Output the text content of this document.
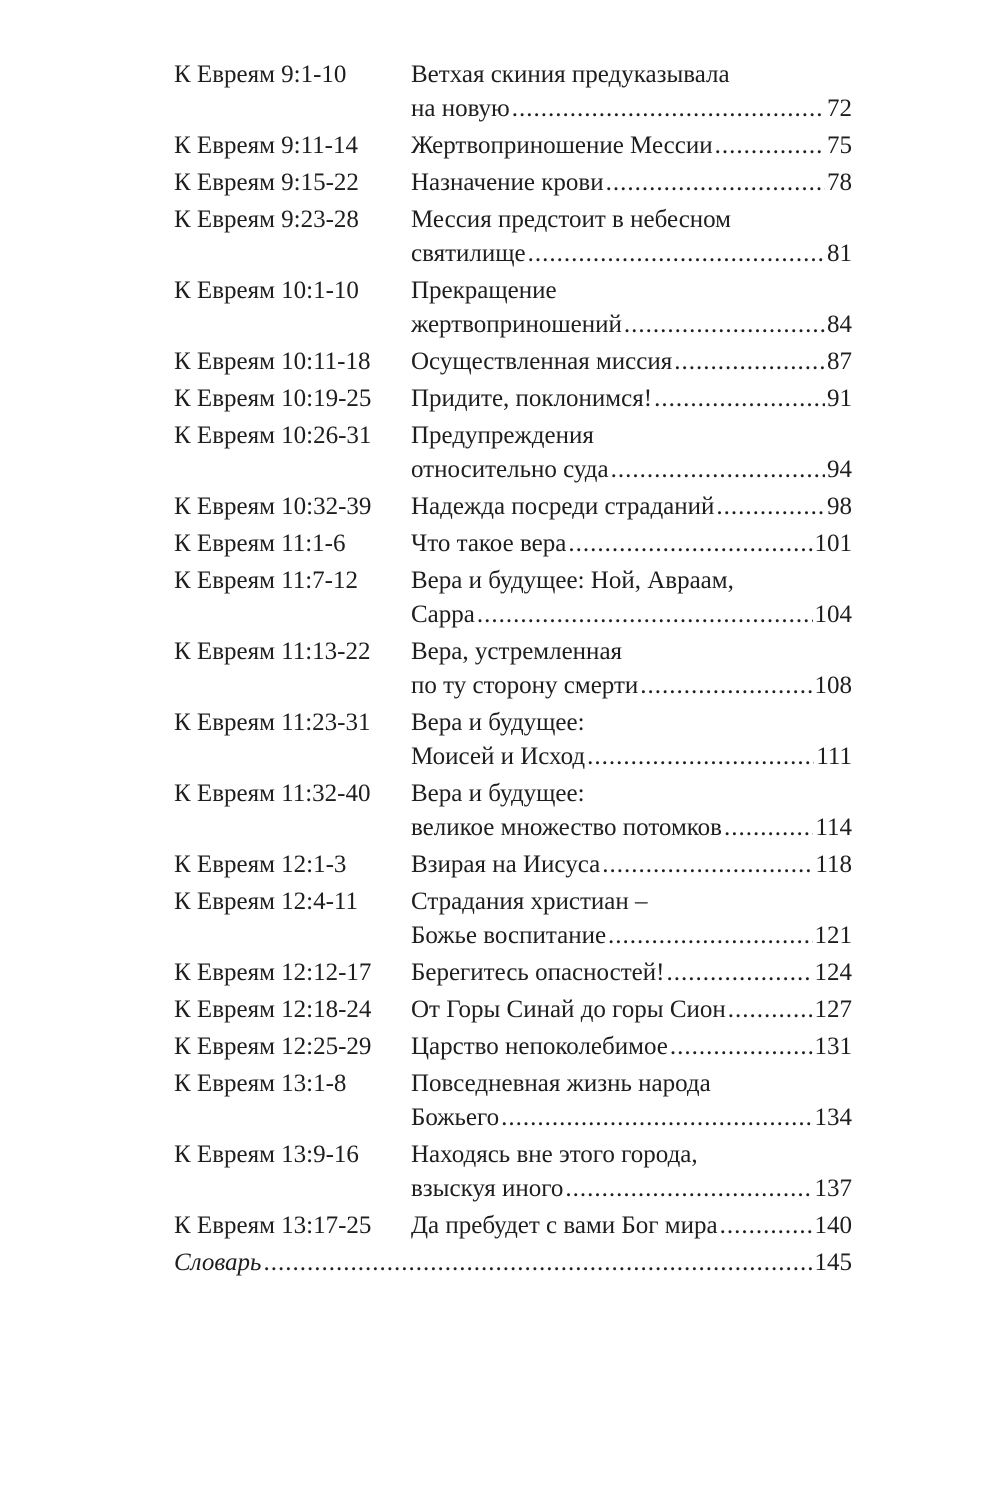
К Евреям 9:1-10	Ветхая скиния предуказывала
на новую .....	72
К Евреям 9:11-14	Жертвоприношение Мессии .....	75
К Евреям 9:15-22	Назначение крови .....	78
К Евреям 9:23-28	Мессия предстоит в небесном
святилище .....	81
К Евреям 10:1-10	Прекращение
жертвоприношений .....	84
К Евреям 10:11-18	Осуществленная миссия .....	87
К Евреям 10:19-25	Придите, поклонимся! .....	91
К Евреям 10:26-31	Предупреждения
относительно суда .....	94
К Евреям 10:32-39	Надежда посреди страданий .....	98
К Евреям 11:1-6	Что такое вера .....	101
К Евреям 11:7-12	Вера и будущее: Ной, Авраам,
Сарра .....	104
К Евреям 11:13-22	Вера, устремленная
по ту сторону смерти .....	108
К Евреям 11:23-31	Вера и будущее:
Моисей и Исход .....	111
К Евреям 11:32-40	Вера и будущее:
великое множество потомков .....	114
К Евреям 12:1-3	Взирая на Иисуса .....	118
К Евреям 12:4-11	Страдания христиан –
Божье воспитание .....	121
К Евреям 12:12-17	Берегитесь опасностей! .....	124
К Евреям 12:18-24	От Горы Синай до горы Сион .....	127
К Евреям 12:25-29	Царство непоколебимое .....	131
К Евреям 13:1-8	Повседневная жизнь народа
Божьего .....	134
К Евреям 13:9-16	Находясь вне этого города,
взыскуя иного .....	137
К Евреям 13:17-25	Да пребудет с вами Бог мира .....	140
Словарь .....	145
